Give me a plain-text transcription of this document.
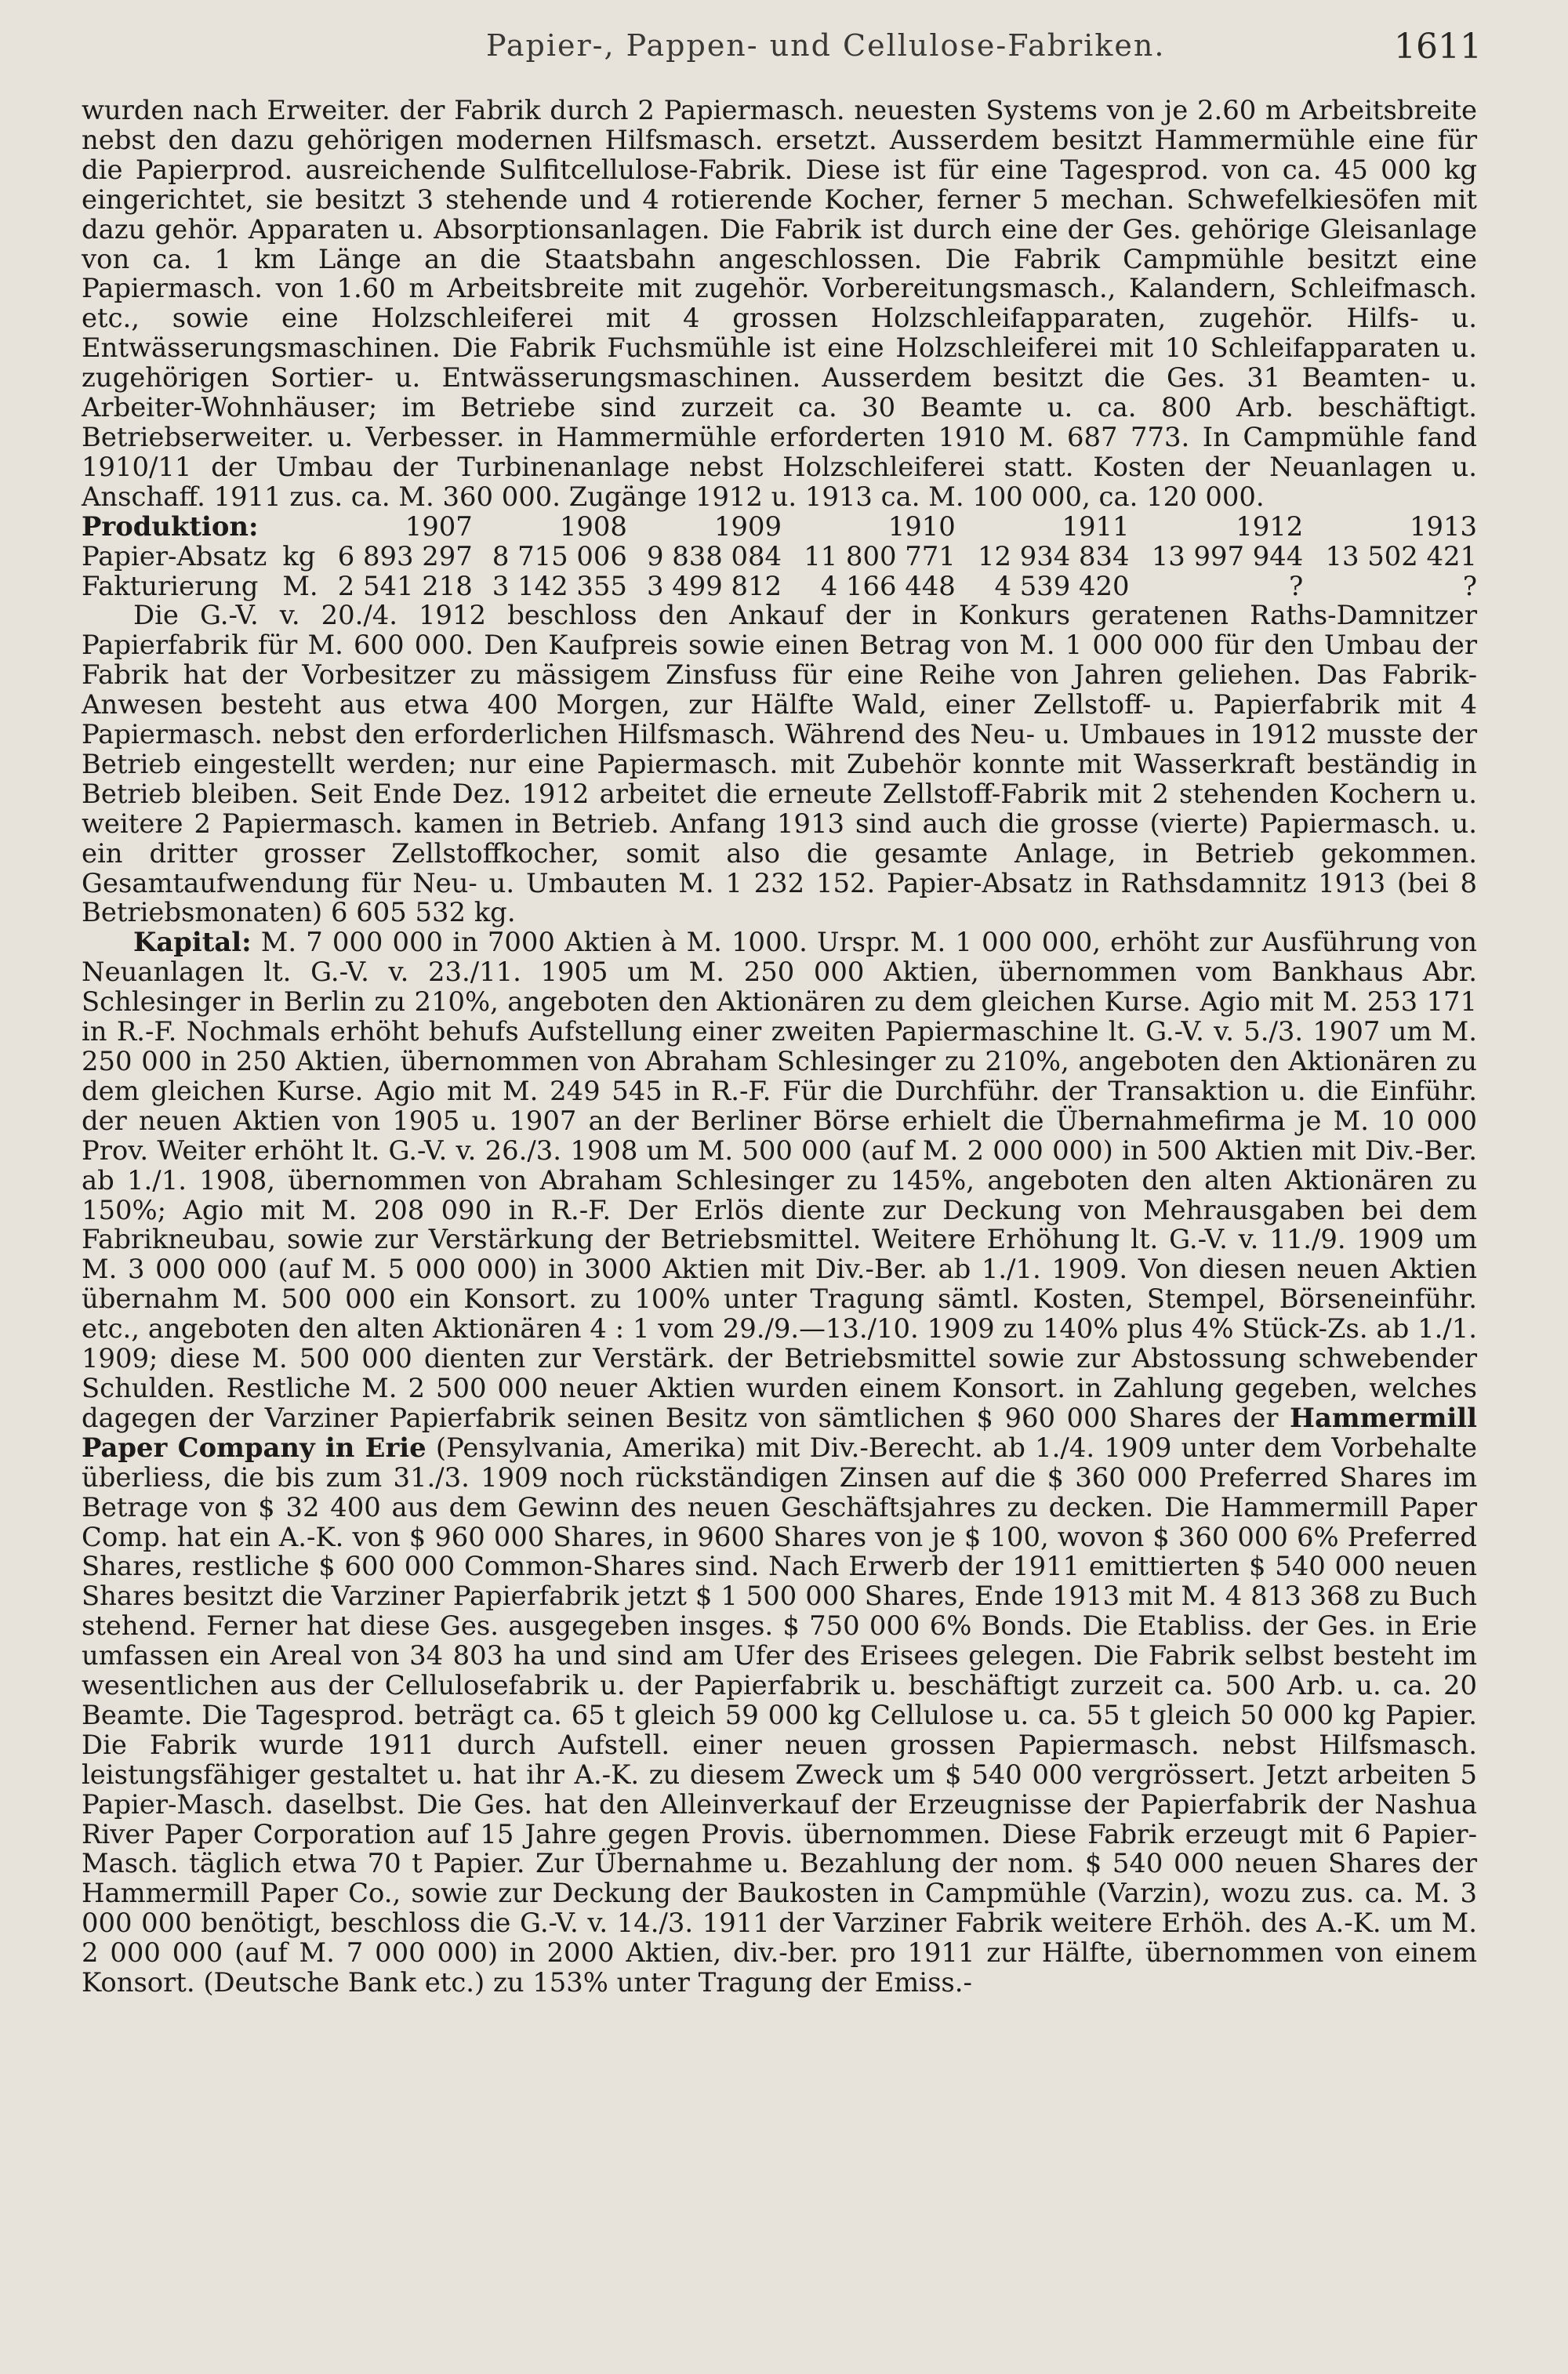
Papier-, Pappen- und Cellulose-Fabriken.	1611

wurden nach Erweiter. der Fabrik durch 2 Papiermasch. neuesten Systems von je 2.60 m Arbeitsbreite nebst den dazu gehörigen modernen Hilfsmasch. ersetzt. Ausserdem besitzt Hammermühle eine für die Papierprod. ausreichende Sulfitcellulose-Fabrik. Diese ist für eine Tagesprod. von ca. 45 000 kg eingerichtet, sie besitzt 3 stehende und 4 rotierende Kocher, ferner 5 mechan. Schwefelkiesöfen mit dazu gehör. Apparaten u. Absorptionsanlagen. Die Fabrik ist durch eine der Ges. gehörige Gleisanlage von ca. 1 km Länge an die Staatsbahn angeschlossen. Die Fabrik Campmühle besitzt eine Papiermasch. von 1.60 m Arbeitsbreite mit zugehör. Vorbereitungsmasch., Kalandern, Schleifmasch. etc., sowie eine Holzschleiferei mit 4 grossen Holzschleifapparaten, zugehör. Hilfs- u. Entwässerungsmaschinen. Die Fabrik Fuchsmühle ist eine Holzschleiferei mit 10 Schleifapparaten u. zugehörigen Sortier- u. Entwässerungsmaschinen. Ausserdem besitzt die Ges. 31 Beamten- u. Arbeiter-Wohnhäuser; im Betriebe sind zurzeit ca. 30 Beamte u. ca. 800 Arb. beschäftigt. Betriebserweiter. u. Verbesser. in Hammermühle erforderten 1910 M. 687 773. In Campmühle fand 1910/11 der Umbau der Turbinenanlage nebst Holzschleiferei statt. Kosten der Neuanlagen u. Anschaff. 1911 zus. ca. M. 360 000. Zugänge 1912 u. 1913 ca. M. 100 000, ca. 120 000.

Produktion:		1907	1908	1909	1910	1911	1912	1913
Papier-Absatz	kg	6 893 297	8 715 006	9 838 084	11 800 771	12 934 834	13 997 944	13 502 421
Fakturierung	M.	2 541 218	3 142 355	3 499 812	4 166 448	4 539 420	?	?

Die G.-V. v. 20./4. 1912 beschloss den Ankauf der in Konkurs geratenen Raths-Damnitzer Papierfabrik für M. 600 000. Den Kaufpreis sowie einen Betrag von M. 1 000 000 für den Umbau der Fabrik hat der Vorbesitzer zu mässigem Zinsfuss für eine Reihe von Jahren geliehen. Das Fabrik-Anwesen besteht aus etwa 400 Morgen, zur Hälfte Wald, einer Zellstoff- u. Papierfabrik mit 4 Papiermasch. nebst den erforderlichen Hilfsmasch. Während des Neu- u. Umbaues in 1912 musste der Betrieb eingestellt werden; nur eine Papiermasch. mit Zubehör konnte mit Wasserkraft beständig in Betrieb bleiben. Seit Ende Dez. 1912 arbeitet die erneute Zellstoff-Fabrik mit 2 stehenden Kochern u. weitere 2 Papiermasch. kamen in Betrieb. Anfang 1913 sind auch die grosse (vierte) Papiermasch. u. ein dritter grosser Zellstoffkocher, somit also die gesamte Anlage, in Betrieb gekommen. Gesamtaufwendung für Neu- u. Umbauten M. 1 232 152. Papier-Absatz in Rathsdamnitz 1913 (bei 8 Betriebsmonaten) 6 605 532 kg.

Kapital: M. 7 000 000 in 7000 Aktien à M. 1000. Urspr. M. 1 000 000, erhöht zur Ausführung von Neuanlagen lt. G.-V. v. 23./11. 1905 um M. 250 000 Aktien, übernommen vom Bankhaus Abr. Schlesinger in Berlin zu 210%, angeboten den Aktionären zu dem gleichen Kurse. Agio mit M. 253 171 in R.-F. Nochmals erhöht behufs Aufstellung einer zweiten Papiermaschine lt. G.-V. v. 5./3. 1907 um M. 250 000 in 250 Aktien, übernommen von Abraham Schlesinger zu 210%, angeboten den Aktionären zu dem gleichen Kurse. Agio mit M. 249 545 in R.-F. Für die Durchführ. der Transaktion u. die Einführ. der neuen Aktien von 1905 u. 1907 an der Berliner Börse erhielt die Übernahmefirma je M. 10 000 Prov. Weiter erhöht lt. G.-V. v. 26./3. 1908 um M. 500 000 (auf M. 2 000 000) in 500 Aktien mit Div.-Ber. ab 1./1. 1908, übernommen von Abraham Schlesinger zu 145%, angeboten den alten Aktionären zu 150%; Agio mit M. 208 090 in R.-F. Der Erlös diente zur Deckung von Mehrausgaben bei dem Fabrikneubau, sowie zur Verstärkung der Betriebsmittel. Weitere Erhöhung lt. G.-V. v. 11./9. 1909 um M. 3 000 000 (auf M. 5 000 000) in 3000 Aktien mit Div.-Ber. ab 1./1. 1909. Von diesen neuen Aktien übernahm M. 500 000 ein Konsort. zu 100% unter Tragung sämtl. Kosten, Stempel, Börseneinführ. etc., angeboten den alten Aktionären 4 : 1 vom 29./9.—13./10. 1909 zu 140% plus 4% Stück-Zs. ab 1./1. 1909; diese M. 500 000 dienten zur Verstärk. der Betriebsmittel sowie zur Abstossung schwebender Schulden. Restliche M. 2 500 000 neuer Aktien wurden einem Konsort. in Zahlung gegeben, welches dagegen der Varziner Papierfabrik seinen Besitz von sämtlichen $ 960 000 Shares der Hammermill Paper Company in Erie (Pensylvania, Amerika) mit Div.-Berecht. ab 1./4. 1909 unter dem Vorbehalte überliess, die bis zum 31./3. 1909 noch rückständigen Zinsen auf die $ 360 000 Preferred Shares im Betrage von $ 32 400 aus dem Gewinn des neuen Geschäftsjahres zu decken. Die Hammermill Paper Comp. hat ein A.-K. von $ 960 000 Shares, in 9600 Shares von je $ 100, wovon $ 360 000 6% Preferred Shares, restliche $ 600 000 Common-Shares sind. Nach Erwerb der 1911 emittierten $ 540 000 neuen Shares besitzt die Varziner Papierfabrik jetzt $ 1 500 000 Shares, Ende 1913 mit M. 4 813 368 zu Buch stehend. Ferner hat diese Ges. ausgegeben insges. $ 750 000 6% Bonds. Die Etabliss. der Ges. in Erie umfassen ein Areal von 34 803 ha und sind am Ufer des Erisees gelegen. Die Fabrik selbst besteht im wesentlichen aus der Cellulosefabrik u. der Papierfabrik u. beschäftigt zurzeit ca. 500 Arb. u. ca. 20 Beamte. Die Tagesprod. beträgt ca. 65 t gleich 59 000 kg Cellulose u. ca. 55 t gleich 50 000 kg Papier. Die Fabrik wurde 1911 durch Aufstell. einer neuen grossen Papiermasch. nebst Hilfsmasch. leistungsfähiger gestaltet u. hat ihr A.-K. zu diesem Zweck um $ 540 000 vergrössert. Jetzt arbeiten 5 Papier-Masch. daselbst. Die Ges. hat den Alleinverkauf der Erzeugnisse der Papierfabrik der Nashua River Paper Corporation auf 15 Jahre gegen Provis. übernommen. Diese Fabrik erzeugt mit 6 Papier-Masch. täglich etwa 70 t Papier. Zur Übernahme u. Bezahlung der nom. $ 540 000 neuen Shares der Hammermill Paper Co., sowie zur Deckung der Baukosten in Campmühle (Varzin), wozu zus. ca. M. 3 000 000 benötigt, beschloss die G.-V. v. 14./3. 1911 der Varziner Fabrik weitere Erhöh. des A.-K. um M. 2 000 000 (auf M. 7 000 000) in 2000 Aktien, div.-ber. pro 1911 zur Hälfte, übernommen von einem Konsort. (Deutsche Bank etc.) zu 153% unter Tragung der Emiss.-
